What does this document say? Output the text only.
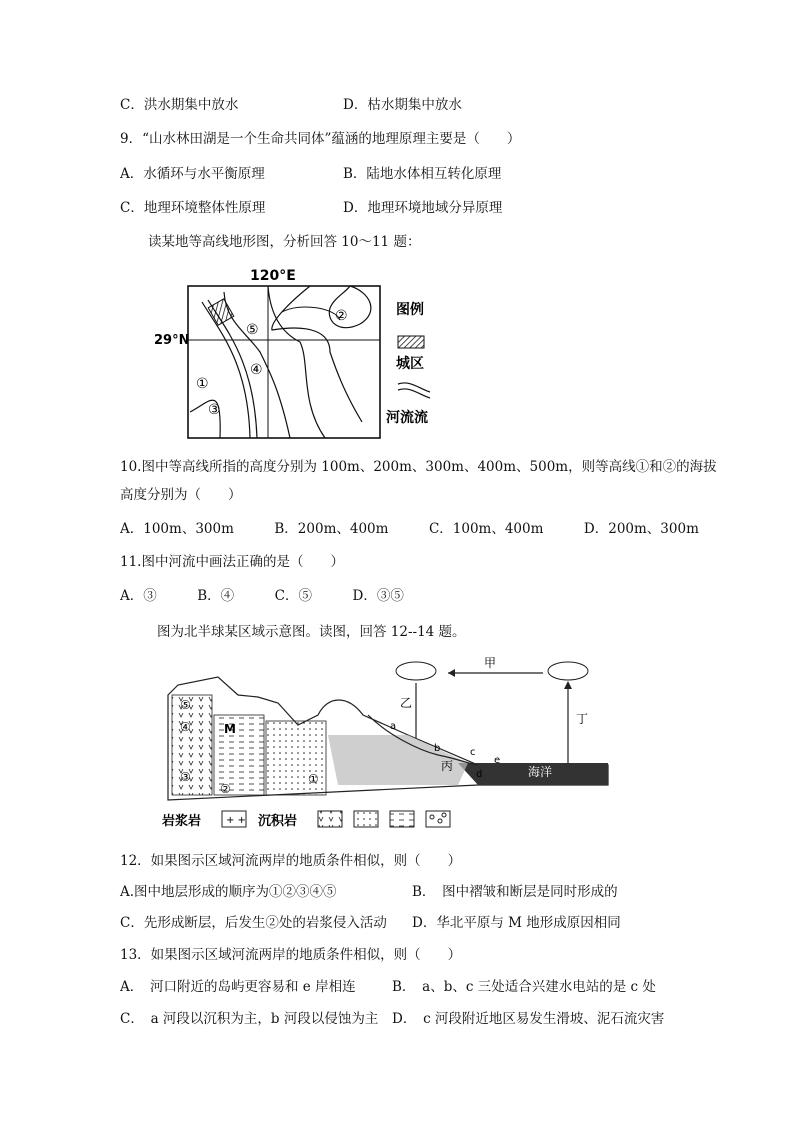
C．洪水期集中放水	D．枯水期集中放水
9．“山水林田湖是一个生命共同体”蕴涵的地理原理主要是（　　）
A．水循环与水平衡原理	B．陆地水体相互转化原理
C．地理环境整体性原理	D．地理环境地域分异原理
读某地等高线地形图，分析回答 10～11 题：
120°E
29°N
⑤
②
④
①
③
图例
城区
河流流
10.图中等高线所指的高度分别为 100m、200m、300m、400m、500m，则等高线①和②的海拔
高度分别为（　　）
A．100m、300m　　　B．200m、400m　　　C．100m、400m　　　D．200m、300m
11.图中河流中画法正确的是（　　）
A．③　　　B．④　　　C．⑤　　　D．③⑤
图为北半球某区域示意图。读图，回答 12--14 题。
甲
乙
丁
海洋
⑤
④
③
②
①
M	a
b	c
d
e
丙
岩浆岩 + + 沉积岩
12．如果图示区域河流两岸的地质条件相似，则（　　）
A.图中地层形成的顺序为①②③④⑤	B．　图中褶皱和断层是同时形成的
C．先形成断层，后发生②处的岩浆侵入活动 D．华北平原与 M 地形成原因相同
13．如果图示区域河流两岸的地质条件相似，则（　　）
A．　河口附近的岛屿更容易和 e 岸相连	B．　a、b、c 三处适合兴建水电站的是 c 处
C．　a 河段以沉积为主，b 河段以侵蚀为主 D．　c 河段附近地区易发生滑坡、泥石流灾害
